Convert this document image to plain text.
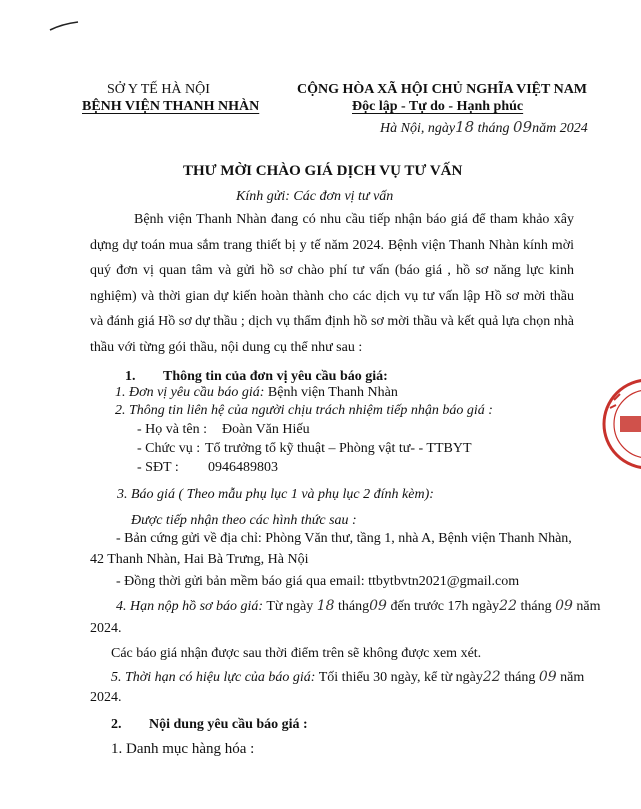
SỞ Y TẾ HÀ NỘI
BỆNH VIỆN THANH NHÀN
CỘNG HÒA XÃ HỘI CHỦ NGHĨA VIỆT NAM
Độc lập - Tự do - Hạnh phúc
Hà Nội, ngày18 tháng 09năm 2024
THƯ MỜI CHÀO GIÁ DỊCH VỤ TƯ VẤN
Kính gửi: Các đơn vị tư vấn
Bệnh viện Thanh Nhàn đang có nhu cầu tiếp nhận báo giá để tham khảo xây dựng dự toán mua sắm trang thiết bị y tế năm 2024. Bệnh viện Thanh Nhàn kính mời quý đơn vị quan tâm và gửi hồ sơ chào phí tư vấn (báo giá , hồ sơ năng lực kinh nghiệm) và thời gian dự kiến hoàn thành cho các dịch vụ tư vấn lập Hồ sơ mời thầu và đánh giá Hồ sơ dự thầu ; dịch vụ thẩm định hồ sơ mời thầu và kết quả lựa chọn nhà thầu với từng gói thầu, nội dung cụ thể như sau :
1. Thông tin của đơn vị yêu cầu báo giá:
1. Đơn vị yêu cầu báo giá: Bệnh viện Thanh Nhàn
2. Thông tin liên hệ của người chịu trách nhiệm tiếp nhận báo giá :
- Họ và tên : Đoàn Văn Hiếu
- Chức vụ : Tổ trưởng tổ kỹ thuật – Phòng vật tư- - TTBYT
- SĐT : 0946489803
3. Báo giá ( Theo mẫu phụ lục 1 và phụ lục 2 đính kèm):
Được tiếp nhận theo các hình thức sau :
- Bản cứng gửi về địa chỉ: Phòng Văn thư, tầng 1, nhà A, Bệnh viện Thanh Nhàn, 42 Thanh Nhàn, Hai Bà Trưng, Hà Nội
- Đồng thời gửi bản mềm báo giá qua email: ttbytbvtn2021@gmail.com
4. Hạn nộp hồ sơ báo giá: Từ ngày 18 tháng09 đến trước 17h ngày22 tháng 09 năm
2024.
Các báo giá nhận được sau thời điểm trên sẽ không được xem xét.
5. Thời hạn có hiệu lực của báo giá: Tối thiểu 30 ngày, kể từ ngày22 tháng 09 năm
2024.
2. Nội dung yêu cầu báo giá :
1. Danh mục hàng hóa :
